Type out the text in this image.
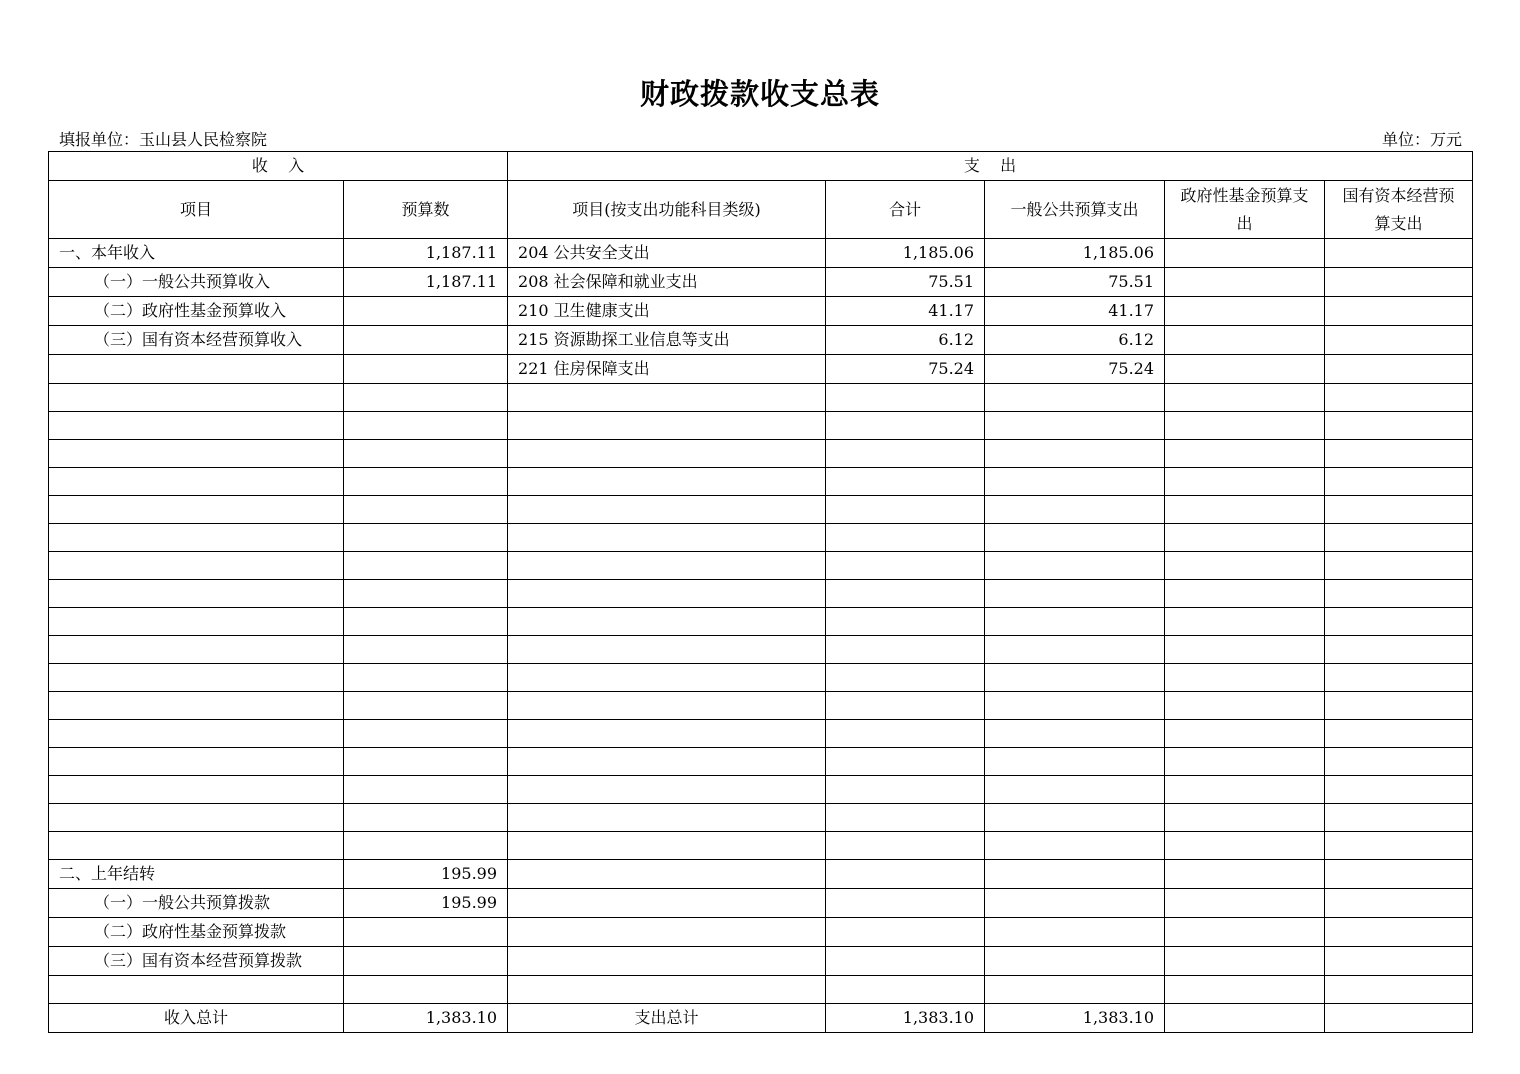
财政拨款收支总表
填报单位：玉山县人民检察院	单位：万元
收    入		支    出				
项目	预算数	项目(按支出功能科目类级)	合计	一般公共预算支出	政府性基金预算支出	国有资本经营预算支出
一、本年收入	1,187.11	204 公共安全支出	1,185.06	1,185.06		
（一）一般公共预算收入	1,187.11	208 社会保障和就业支出	75.51	75.51		
（二）政府性基金预算收入		210 卫生健康支出	41.17	41.17		
（三）国有资本经营预算收入		215 资源勘探工业信息等支出	6.12	6.12		
		221 住房保障支出	75.24	75.24		

二、上年结转	195.99					
（一）一般公共预算拨款	195.99					
（二）政府性基金预算拨款						
（三）国有资本经营预算拨款						

收入总计	1,383.10	支出总计	1,383.10	1,383.10		
